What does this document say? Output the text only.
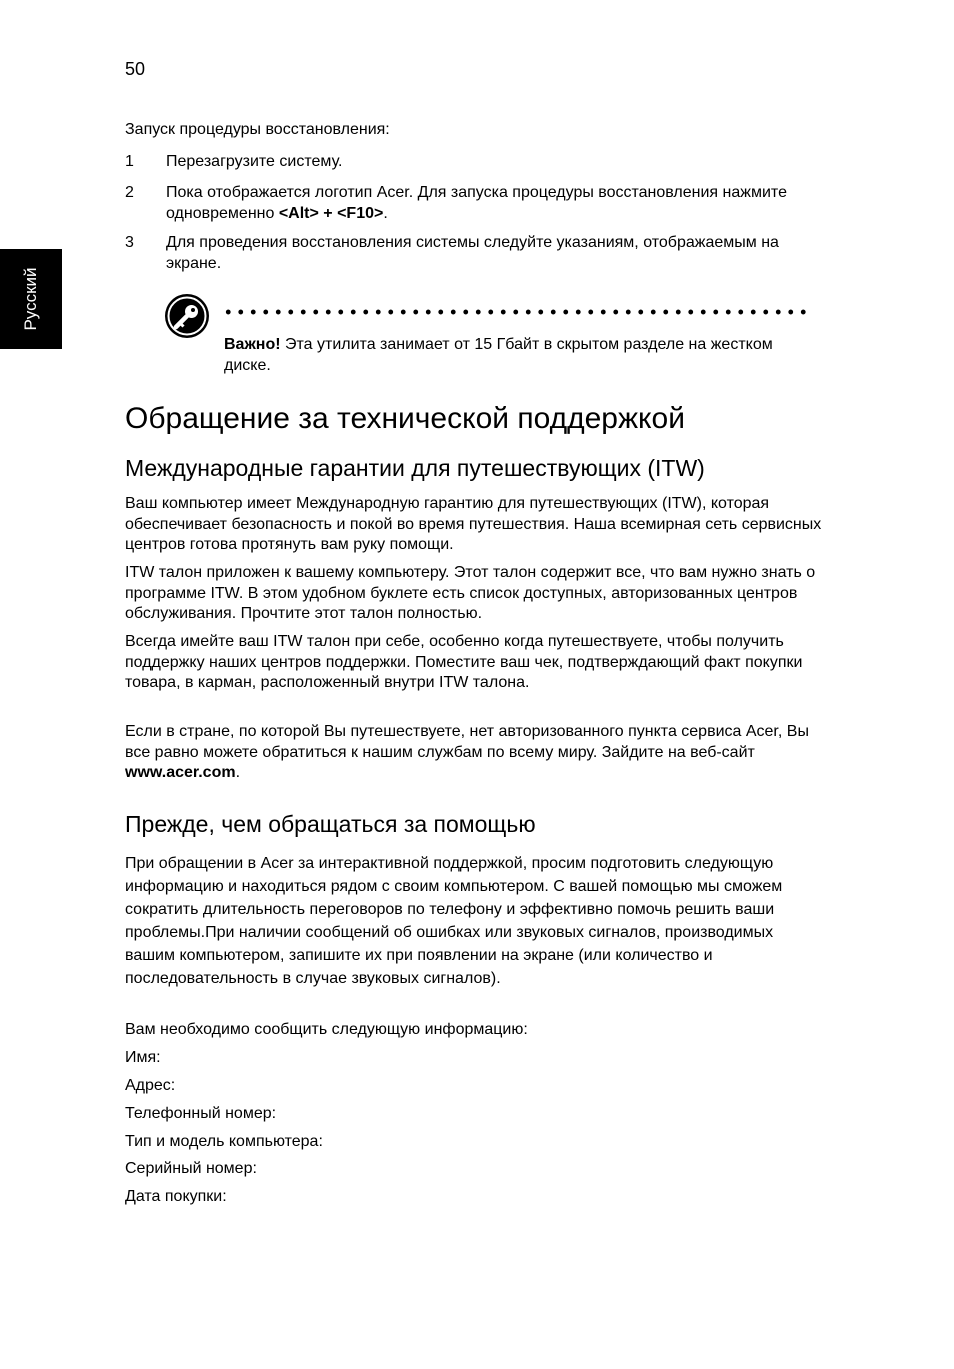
50
Русский
Запуск процедуры восстановления:
1	Перезагрузите систему.
2	Пока отображается логотип Acer. Для запуска процедуры восстановления нажмите одновременно <Alt> + <F10>.
3	Для проведения восстановления системы следуйте указаниям, отображаемым на экране.
Важно! Эта утилита занимает от 15 Гбайт в скрытом разделе на жестком диске.
Обращение за технической поддержкой
Международные гарантии для путешествующих (ITW)
Ваш компьютер имеет Международную гарантию для путешествующих (ITW), которая обеспечивает безопасность и покой во время путешествия. Наша всемирная сеть сервисных центров готова протянуть вам руку помощи.
ITW талон приложен к вашему компьютеру. Этот талон содержит все, что вам нужно знать о программе ITW. В этом удобном буклете есть список доступных, авторизованных центров обслуживания. Прочтите этот талон полностью.
Всегда имейте ваш ITW талон при себе, особенно когда путешествуете, чтобы получить поддержку наших центров поддержки. Поместите ваш чек, подтверждающий факт покупки товара, в карман, расположенный внутри ITW талона.
Если в стране, по которой Вы путешествуете, нет авторизованного пункта сервиса Acer, Вы все равно можете обратиться к нашим службам по всему миру. Зайдите на веб-сайт www.acer.com.
Прежде, чем обращаться за помощью
При обращении в Acer за интерактивной поддержкой, просим подготовить следующую информацию и находиться рядом с своим компьютером. С вашей помощью мы сможем сократить длительность переговоров по телефону и эффективно помочь решить ваши проблемы.При наличии сообщений об ошибках или звуковых сигналов, производимых вашим компьютером, запишите их при появлении на экране (или количество и последовательность в случае звуковых сигналов).
Вам необходимо сообщить следующую информацию:
Имя:
Адрес:
Телефонный номер:
Тип и модель компьютера:
Серийный номер:
Дата покупки:
